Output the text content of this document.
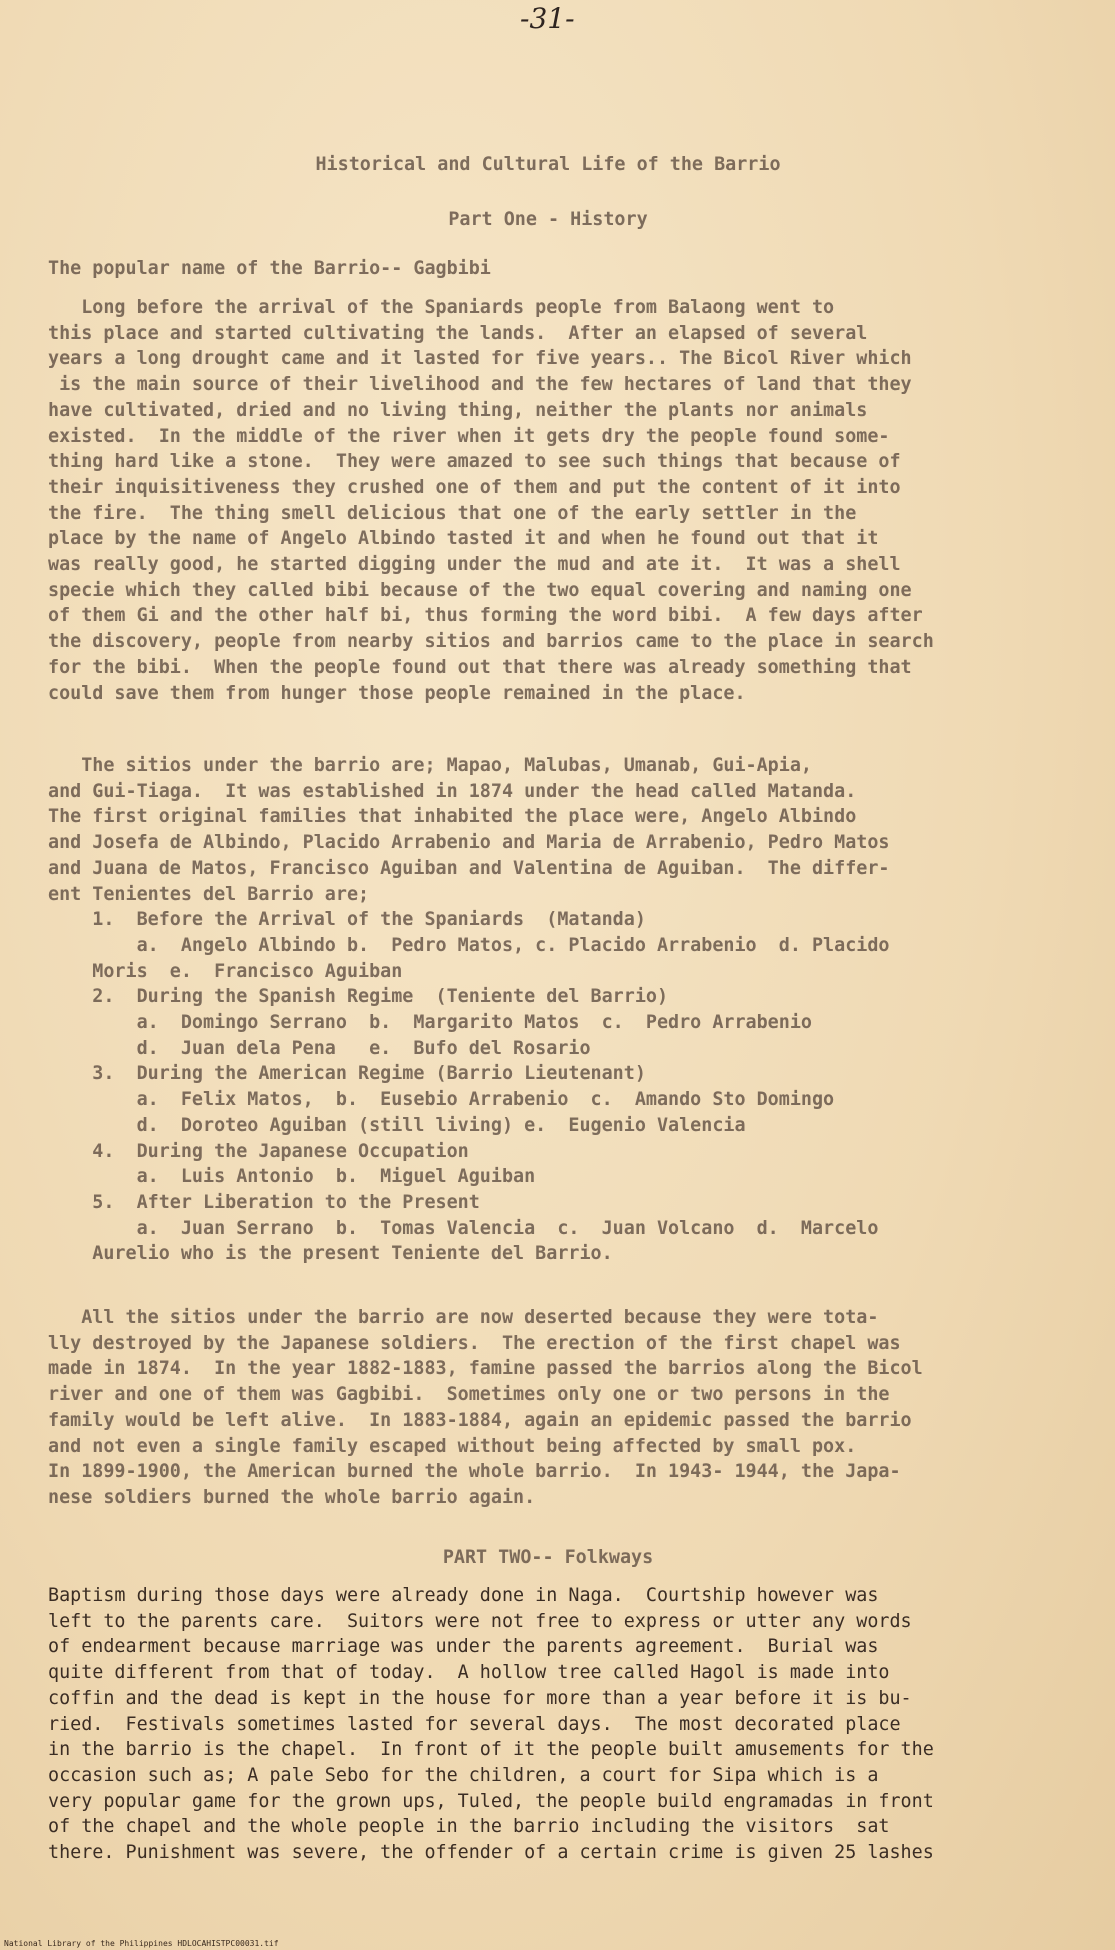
-31-
Historical and Cultural Life of the Barrio
Part One - History
The popular name of the Barrio-- Gagbibi
Long before the arrival of the Spaniards people from Balaong went to
this place and started cultivating the lands.  After an elapsed of several
years a long drought came and it lasted for five years.. The Bicol River which
is the main source of their livelihood and the few hectares of land that they
have cultivated, dried and no living thing, neither the plants nor animals
existed.  In the middle of the river when it gets dry the people found some-
thing hard like a stone.  They were amazed to see such things that because of
their inquisitiveness they crushed one of them and put the content of it into
the fire.  The thing smell delicious that one of the early settler in the
place by the name of Angelo Albindo tasted it and when he found out that it
was really good, he started digging under the mud and ate it.  It was a shell
specie which they called bibi because of the two equal covering and naming one
of them Gi and the other half bi, thus forming the word bibi.  A few days after
the discovery, people from nearby sitios and barrios came to the place in search
for the bibi.  When the people found out that there was already something that
could save them from hunger those people remained in the place.
The sitios under the barrio are; Mapao, Malubas, Umanab, Gui-Apia,
and Gui-Tiaga.  It was established in 1874 under the head called Matanda.
The first original families that inhabited the place were, Angelo Albindo
and Josefa de Albindo, Placido Arrabenio and Maria de Arrabenio, Pedro Matos
and Juana de Matos, Francisco Aguiban and Valentina de Aguiban.  The differ-
ent Tenientes del Barrio are;
1.  Before the Arrival of the Spaniards  (Matanda)
a.  Angelo Albindo b.  Pedro Matos, c. Placido Arrabenio  d. Placido
Moris  e.  Francisco Aguiban
2.  During the Spanish Regime  (Teniente del Barrio)
a.  Domingo Serrano  b.  Margarito Matos  c.  Pedro Arrabenio
d.  Juan dela Pena   e.  Bufo del Rosario
3.  During the American Regime (Barrio Lieutenant)
a.  Felix Matos,  b.  Eusebio Arrabenio  c.  Amando Sto Domingo
d.  Doroteo Aguiban (still living) e.  Eugenio Valencia
4.  During the Japanese Occupation
a.  Luis Antonio  b.  Miguel Aguiban
5.  After Liberation to the Present
a.  Juan Serrano  b.  Tomas Valencia  c.  Juan Volcano  d.  Marcelo
Aurelio who is the present Teniente del Barrio.
All the sitios under the barrio are now deserted because they were tota-
lly destroyed by the Japanese soldiers.  The erection of the first chapel was
made in 1874.  In the year 1882-1883, famine passed the barrios along the Bicol
river and one of them was Gagbibi.  Sometimes only one or two persons in the
family would be left alive.  In 1883-1884, again an epidemic passed the barrio
and not even a single family escaped without being affected by small pox.
In 1899-1900, the American burned the whole barrio.  In 1943- 1944, the Japa-
nese soldiers burned the whole barrio again.
PART TWO-- Folkways
Baptism during those days were already done in Naga.  Courtship however was
left to the parents care.  Suitors were not free to express or utter any words
of endearment because marriage was under the parents agreement.  Burial was
quite different from that of today.  A hollow tree called Hagol is made into
coffin and the dead is kept in the house for more than a year before it is bu-
ried.  Festivals sometimes lasted for several days.  The most decorated place
in the barrio is the chapel.  In front of it the people built amusements for the
occasion such as; A pale Sebo for the children, a court for Sipa which is a
very popular game for the grown ups, Tuled, the people build engramadas in front
of the chapel and the whole people in the barrio including the visitors  sat
there. Punishment was severe, the offender of a certain crime is given 25 lashes
National Library of the Philippines HDLOCAHISTPC00031.tif
